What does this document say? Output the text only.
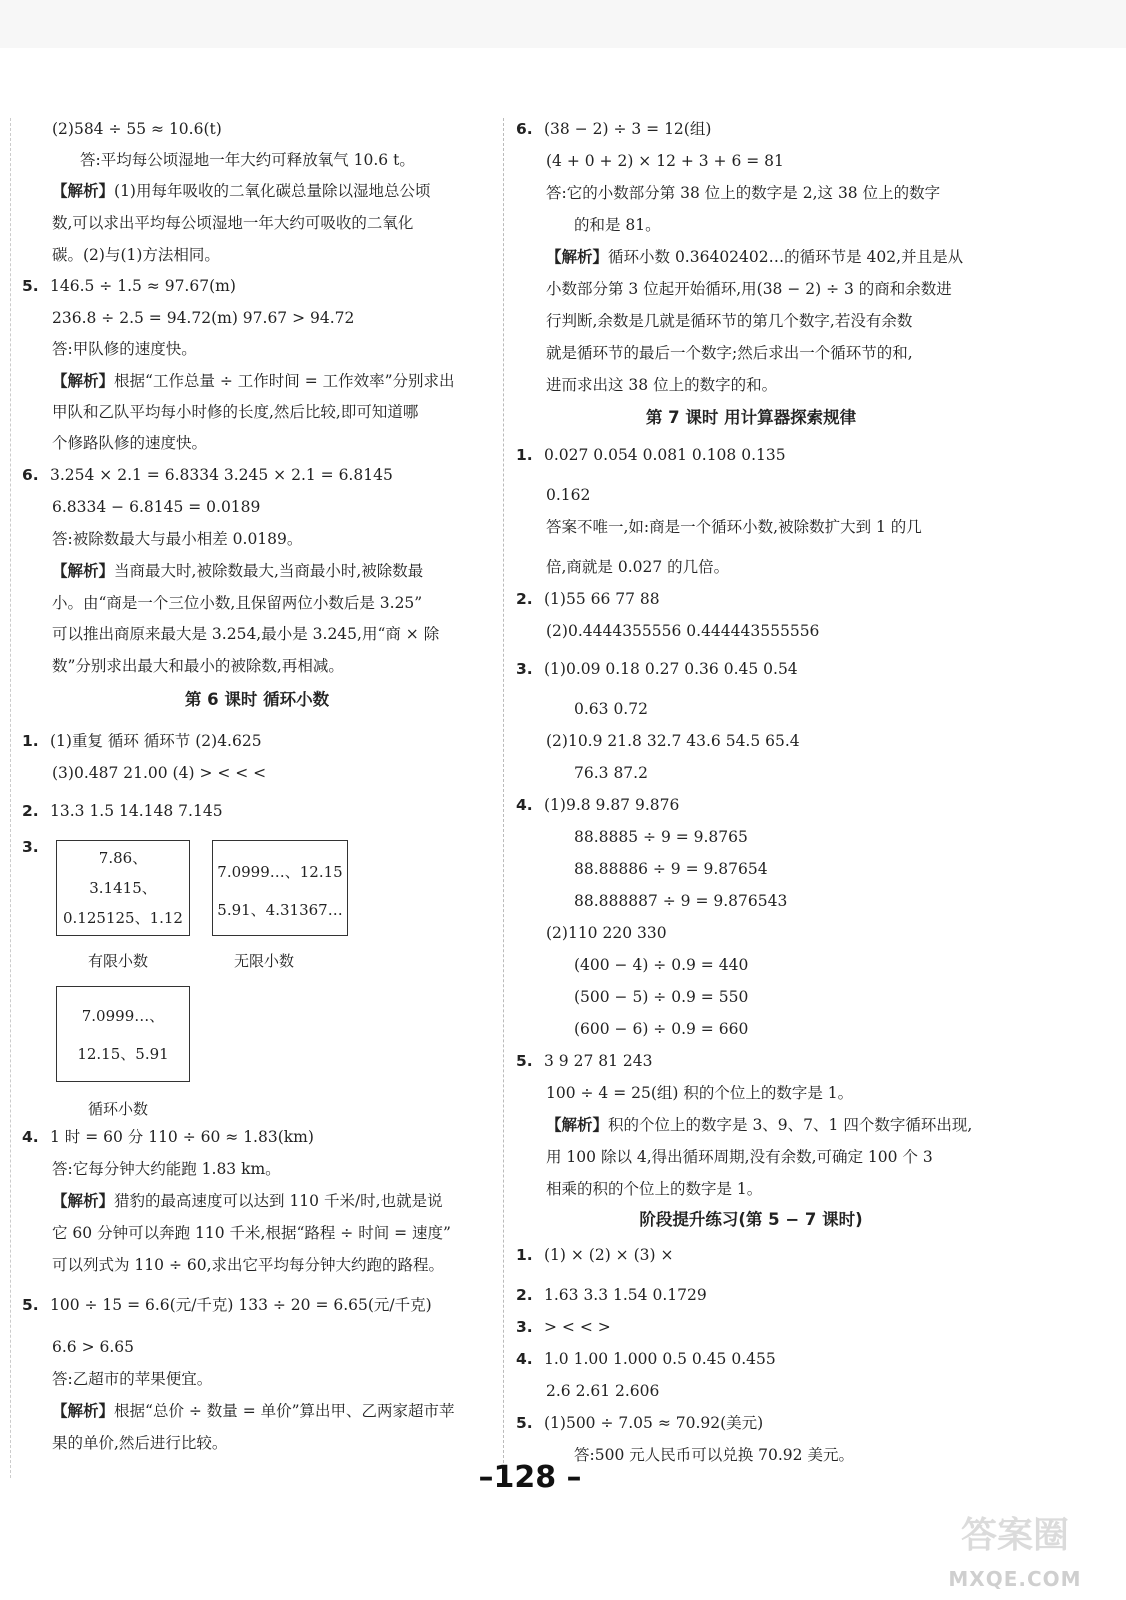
(2)584 ÷ 55 ≈ 10.6(t)
答:平均每公顷湿地一年大约可释放氧气 10.6 t。
【解析】(1)用每年吸收的二氧化碳总量除以湿地总公顷
数,可以求出平均每公顷湿地一年大约可吸收的二氧化
碳。(2)与(1)方法相同。
5. 146.5 ÷ 1.5 ≈ 97.67(m)
236.8 ÷ 2.5 = 94.72(m) 97.67 > 94.72
答:甲队修的速度快。
【解析】根据“工作总量 ÷ 工作时间 = 工作效率”分别求出
甲队和乙队平均每小时修的长度,然后比较,即可知道哪
个修路队修的速度快。
6. 3.254 × 2.1 = 6.8334 3.245 × 2.1 = 6.8145
6.8334 − 6.8145 = 0.0189
答:被除数最大与最小相差 0.0189。
【解析】当商最大时,被除数最大,当商最小时,被除数最
小。由“商是一个三位小数,且保留两位小数后是 3.25”
可以推出商原来最大是 3.254,最小是 3.245,用“商 × 除
数”分别求出最大和最小的被除数,再相减。
第 6 课时 循环小数
1. (1)重复 循环 循环节 (2)4.625
(3)0.487 21.00 (4) > < < <
2. 13.3 1.5 14.148 7.145
3.
7.86、
3.1415、
0.125125、1.12
7.0999…、12.15
5.91、4.31367…
有限小数	无限小数
7.0999…、
12.15、5.91
循环小数
4. 1 时 = 60 分 110 ÷ 60 ≈ 1.83(km)
答:它每分钟大约能跑 1.83 km。
【解析】猎豹的最高速度可以达到 110 千米/时,也就是说
它 60 分钟可以奔跑 110 千米,根据“路程 ÷ 时间 = 速度”
可以列式为 110 ÷ 60,求出它平均每分钟大约跑的路程。
5. 100 ÷ 15 = 6.6(元/千克) 133 ÷ 20 = 6.65(元/千克)
6.6 > 6.65
答:乙超市的苹果便宜。
【解析】根据“总价 ÷ 数量 = 单价”算出甲、乙两家超市苹
果的单价,然后进行比较。
6. (38 − 2) ÷ 3 = 12(组)
(4 + 0 + 2) × 12 + 3 + 6 = 81
答:它的小数部分第 38 位上的数字是 2,这 38 位上的数字
的和是 81。
【解析】循环小数 0.36402402…的循环节是 402,并且是从
小数部分第 3 位起开始循环,用(38 − 2) ÷ 3 的商和余数进
行判断,余数是几就是循环节的第几个数字,若没有余数
就是循环节的最后一个数字;然后求出一个循环节的和,
进而求出这 38 位上的数字的和。
第 7 课时 用计算器探索规律
1. 0.027 0.054 0.081 0.108 0.135
0.162
答案不唯一,如:商是一个循环小数,被除数扩大到 1 的几
倍,商就是 0.027 的几倍。
2. (1)55 66 77 88
(2)0.4444355556 0.444443555556
3. (1)0.09 0.18 0.27 0.36 0.45 0.54
0.63 0.72
(2)10.9 21.8 32.7 43.6 54.5 65.4
76.3 87.2
4. (1)9.8 9.87 9.876
88.8885 ÷ 9 = 9.8765
88.88886 ÷ 9 = 9.87654
88.888887 ÷ 9 = 9.876543
(2)110 220 330
(400 − 4) ÷ 0.9 = 440
(500 − 5) ÷ 0.9 = 550
(600 − 6) ÷ 0.9 = 660
5. 3 9 27 81 243
100 ÷ 4 = 25(组) 积的个位上的数字是 1。
【解析】积的个位上的数字是 3、9、7、1 四个数字循环出现,
用 100 除以 4,得出循环周期,没有余数,可确定 100 个 3
相乘的积的个位上的数字是 1。
阶段提升练习(第 5 − 7 课时)
1. (1) × (2) × (3) ×
2. 1.63 3.3 1.54 0.1729
3. > < < >
4. 1.0 1.00 1.000 0.5 0.45 0.455
2.6 2.61 2.606
5. (1)500 ÷ 7.05 ≈ 70.92(美元)
答:500 元人民币可以兑换 70.92 美元。
–128 –
答案圈
MXQE.COM
